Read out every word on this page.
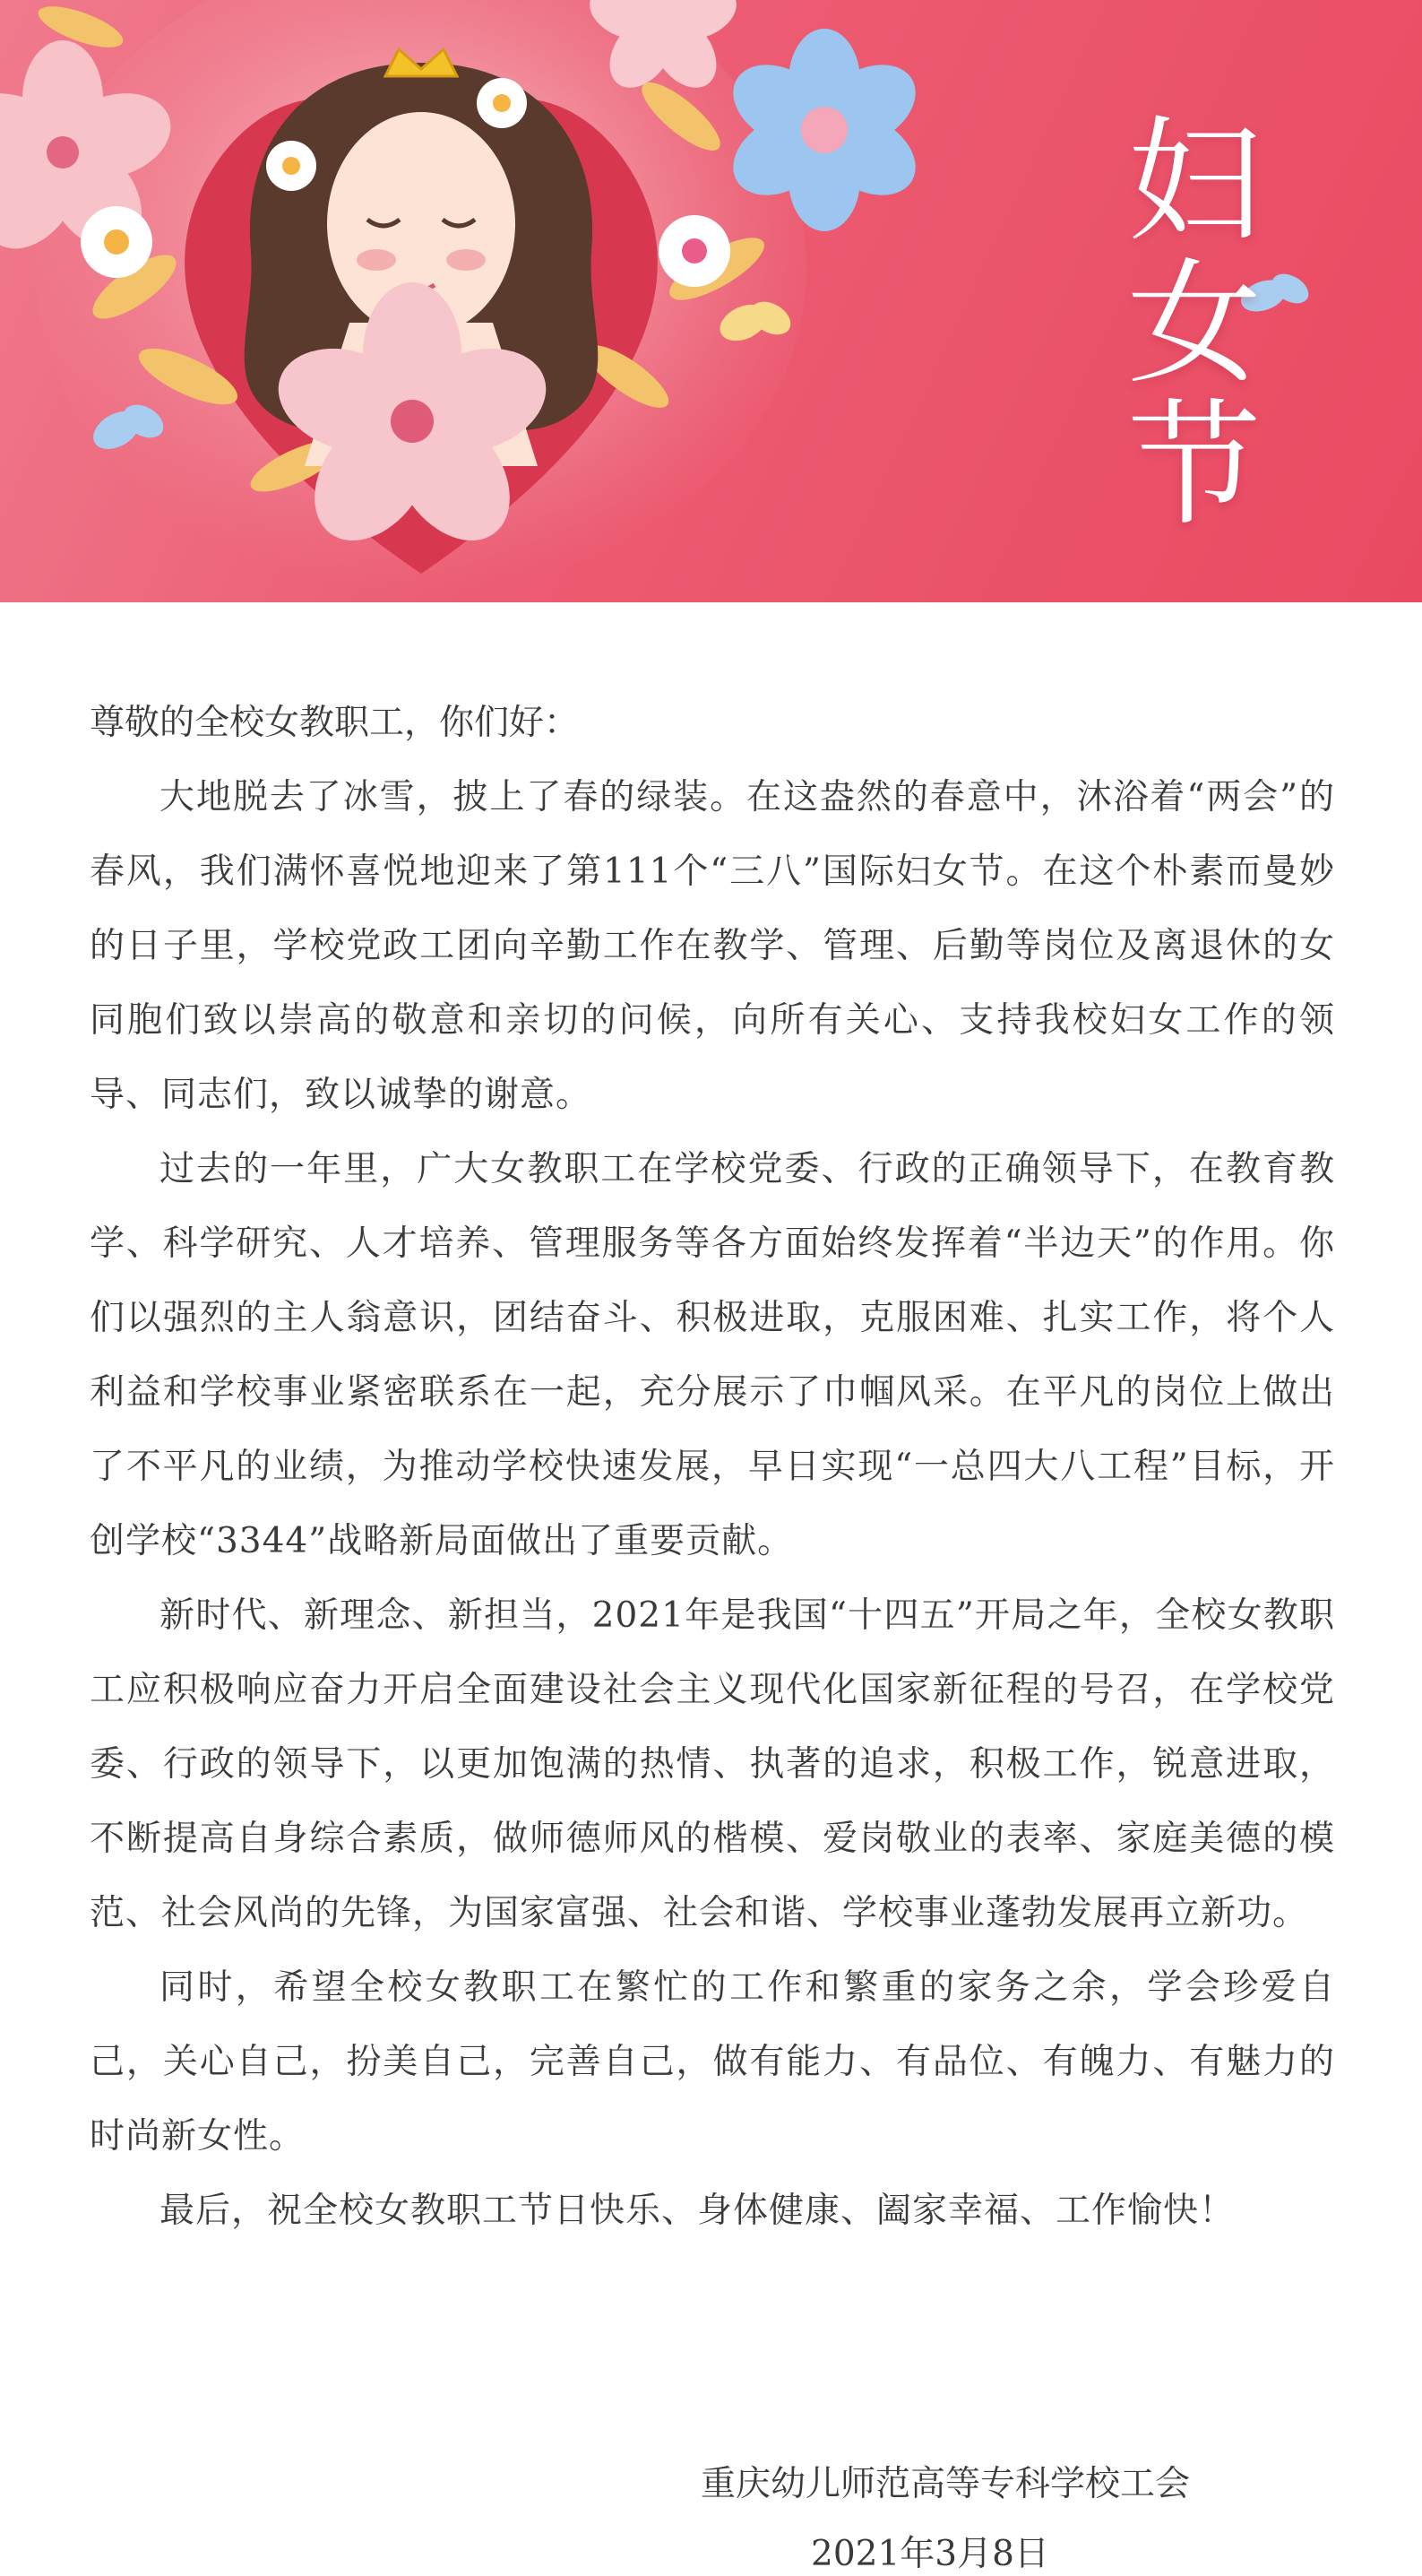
妇
女
节

尊敬的全校女教职工，你们好：

大地脱去了冰雪，披上了春的绿装。在这盎然的春意中，沐浴着“两会”的春风，我们满怀喜悦地迎来了第111个“三八”国际妇女节。在这个朴素而曼妙的日子里，学校党政工团向辛勤工作在教学、管理、后勤等岗位及离退休的女同胞们致以崇高的敬意和亲切的问候，向所有关心、支持我校妇女工作的领导、同志们，致以诚挚的谢意。

过去的一年里，广大女教职工在学校党委、行政的正确领导下，在教育教学、科学研究、人才培养、管理服务等各方面始终发挥着“半边天”的作用。你们以强烈的主人翁意识，团结奋斗、积极进取，克服困难、扎实工作，将个人利益和学校事业紧密联系在一起，充分展示了巾帼风采。在平凡的岗位上做出了不平凡的业绩，为推动学校快速发展，早日实现“一总四大八工程”目标，开创学校“3344”战略新局面做出了重要贡献。

新时代、新理念、新担当，2021年是我国“十四五”开局之年，全校女教职工应积极响应奋力开启全面建设社会主义现代化国家新征程的号召，在学校党委、行政的领导下，以更加饱满的热情、执著的追求，积极工作，锐意进取，不断提高自身综合素质，做师德师风的楷模、爱岗敬业的表率、家庭美德的模范、社会风尚的先锋，为国家富强、社会和谐、学校事业蓬勃发展再立新功。

同时，希望全校女教职工在繁忙的工作和繁重的家务之余，学会珍爱自己，关心自己，扮美自己，完善自己，做有能力、有品位、有魄力、有魅力的时尚新女性。

最后，祝全校女教职工节日快乐、身体健康、阖家幸福、工作愉快！

重庆幼儿师范高等专科学校工会
2021年3月8日
